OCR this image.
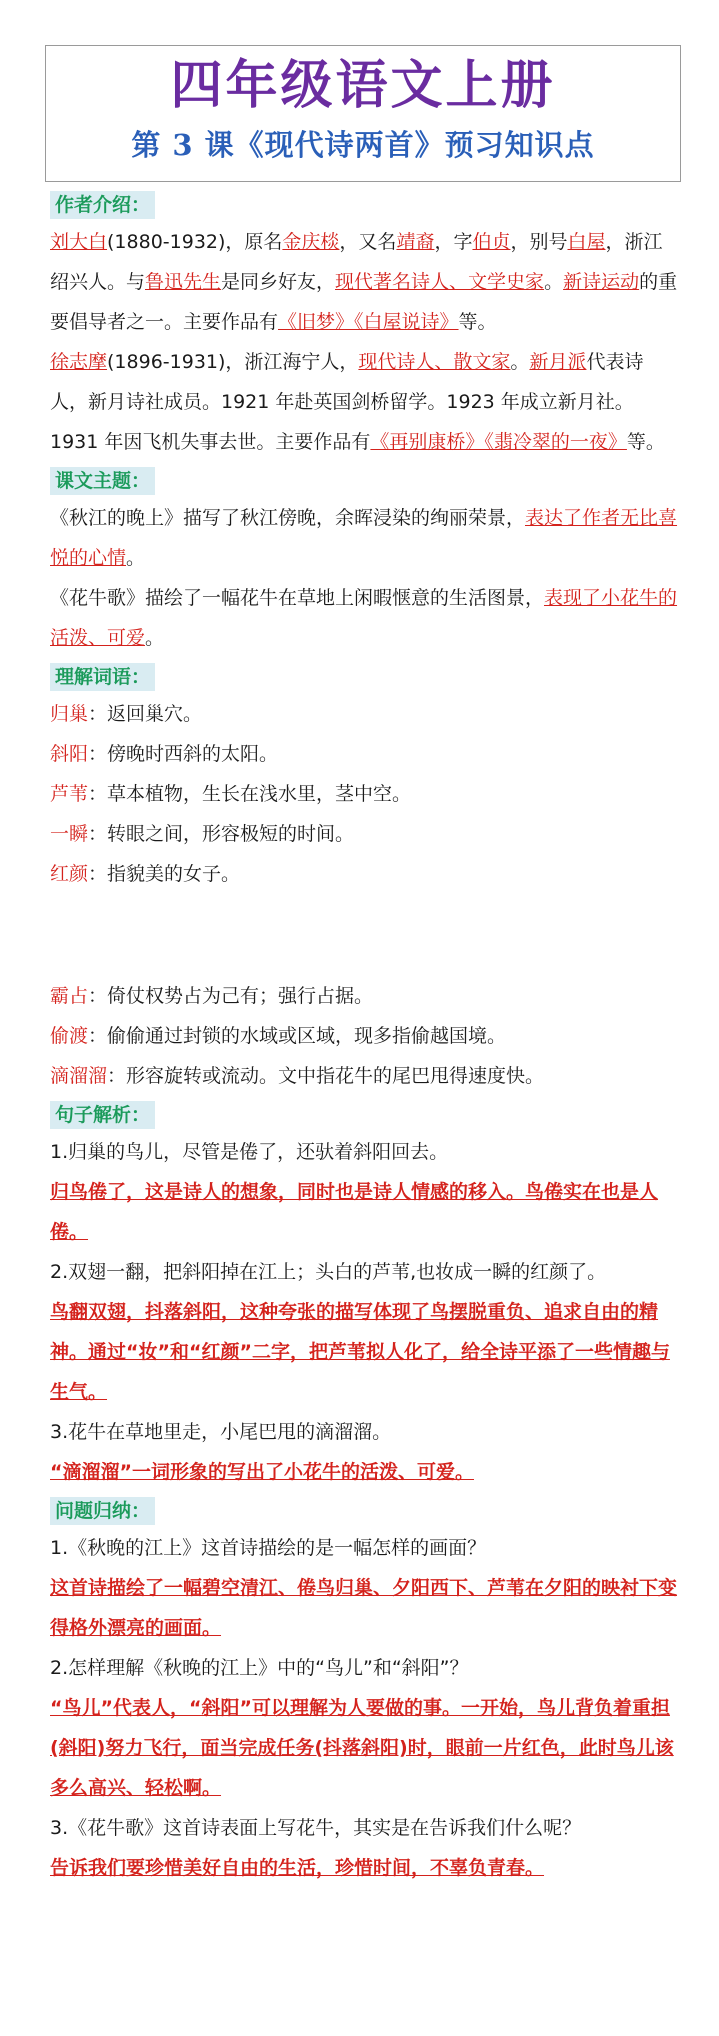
四年级语文上册
第 3 课《现代诗两首》预习知识点
作者介绍：

刘大白(1880-1932)，原名金庆棪，又名靖裔，字伯贞，别号白屋，浙江绍兴人。与鲁迅先生是同乡好友，现代著名诗人、文学史家。新诗运动的重要倡导者之一。主要作品有《旧梦》《白屋说诗》等。

徐志摩(1896-1931)，浙江海宁人，现代诗人、散文家。新月派代表诗人，新月诗社成员。1921 年赴英国剑桥留学。1923 年成立新月社。1931 年因飞机失事去世。主要作品有《再别康桥》《翡冷翠的一夜》等。

课文主题：

《秋江的晚上》描写了秋江傍晚，余晖浸染的绚丽荣景，表达了作者无比喜悦的心情。

《花牛歌》描绘了一幅花牛在草地上闲暇惬意的生活图景，表现了小花牛的活泼、可爱。

理解词语：

归巢：返回巢穴。

斜阳：傍晚时西斜的太阳。

芦苇：草本植物，生长在浅水里，茎中空。

一瞬：转眼之间，形容极短的时间。

红颜：指貌美的女子。

霸占：倚仗权势占为己有；强行占据。

偷渡：偷偷通过封锁的水域或区域，现多指偷越国境。

滴溜溜：形容旋转或流动。文中指花牛的尾巴甩得速度快。

句子解析：

1.归巢的鸟儿，尽管是倦了，还驮着斜阳回去。

归鸟倦了，这是诗人的想象，同时也是诗人情感的移入。鸟倦实在也是人倦。

2.双翅一翻，把斜阳掉在江上；头白的芦苇,也妆成一瞬的红颜了。

鸟翻双翅，抖落斜阳，这种夸张的描写体现了鸟摆脱重负、追求自由的精神。通过“妆”和“红颜”二字，把芦苇拟人化了，给全诗平添了一些情趣与生气。

3.花牛在草地里走，小尾巴甩的滴溜溜。

“滴溜溜”一词形象的写出了小花牛的活泼、可爱。

问题归纳：

1.《秋晚的江上》这首诗描绘的是一幅怎样的画面？

这首诗描绘了一幅碧空清江、倦鸟归巢、夕阳西下、芦苇在夕阳的映衬下变得格外漂亮的画面。

2.怎样理解《秋晚的江上》中的“鸟儿”和“斜阳”？

“鸟儿”代表人，“斜阳”可以理解为人要做的事。一开始，鸟儿背负着重担(斜阳)努力飞行，面当完成任务(抖落斜阳)时，眼前一片红色，此时鸟儿该多么高兴、轻松啊。

3.《花牛歌》这首诗表面上写花牛，其实是在告诉我们什么呢？

告诉我们要珍惜美好自由的生活，珍惜时间，不辜负青春。
